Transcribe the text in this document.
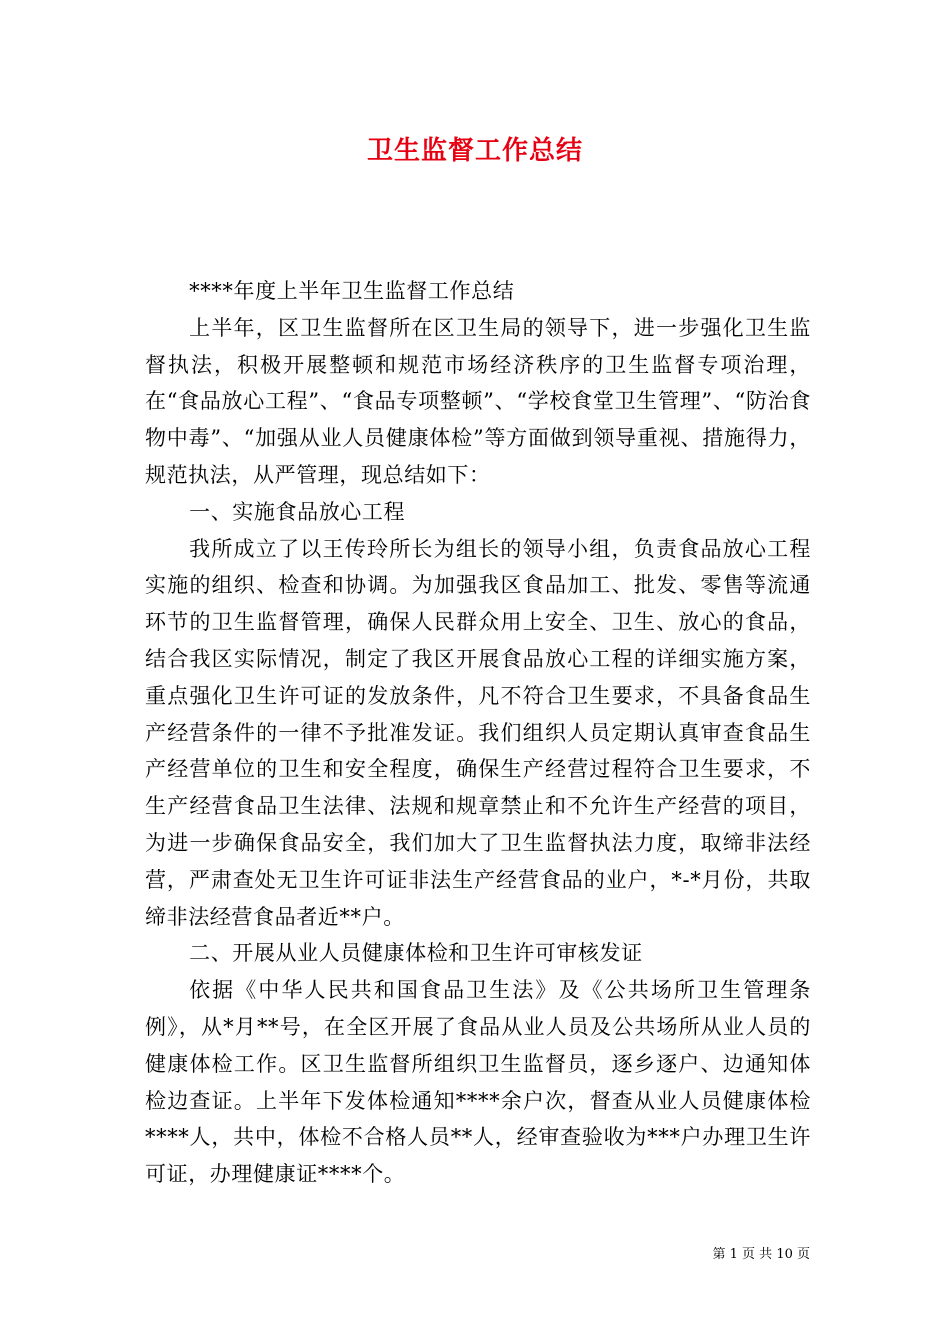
卫生监督工作总结

****年度上半年卫生监督工作总结

上半年，区卫生监督所在区卫生局的领导下，进一步强化卫生监督执法，积极开展整顿和规范市场经济秩序的卫生监督专项治理，在“食品放心工程”、“食品专项整顿”、“学校食堂卫生管理”、“防治食物中毒”、“加强从业人员健康体检”等方面做到领导重视、措施得力，规范执法，从严管理，现总结如下：

一、实施食品放心工程

我所成立了以王传玲所长为组长的领导小组，负责食品放心工程实施的组织、检查和协调。为加强我区食品加工、批发、零售等流通环节的卫生监督管理，确保人民群众用上安全、卫生、放心的食品，结合我区实际情况，制定了我区开展食品放心工程的详细实施方案，重点强化卫生许可证的发放条件，凡不符合卫生要求，不具备食品生产经营条件的一律不予批准发证。我们组织人员定期认真审查食品生产经营单位的卫生和安全程度，确保生产经营过程符合卫生要求，不生产经营食品卫生法律、法规和规章禁止和不允许生产经营的项目，为进一步确保食品安全，我们加大了卫生监督执法力度，取缔非法经营，严肃查处无卫生许可证非法生产经营食品的业户，*-*月份，共取缔非法经营食品者近**户。

二、开展从业人员健康体检和卫生许可审核发证

依据《中华人民共和国食品卫生法》及《公共场所卫生管理条例》，从*月**号，在全区开展了食品从业人员及公共场所从业人员的健康体检工作。区卫生监督所组织卫生监督员，逐乡逐户、边通知体检边查证。上半年下发体检通知****余户次，督查从业人员健康体检****人，共中，体检不合格人员**人，经审查验收为***户办理卫生许可证，办理健康证****个。

第 1 页 共 10 页
